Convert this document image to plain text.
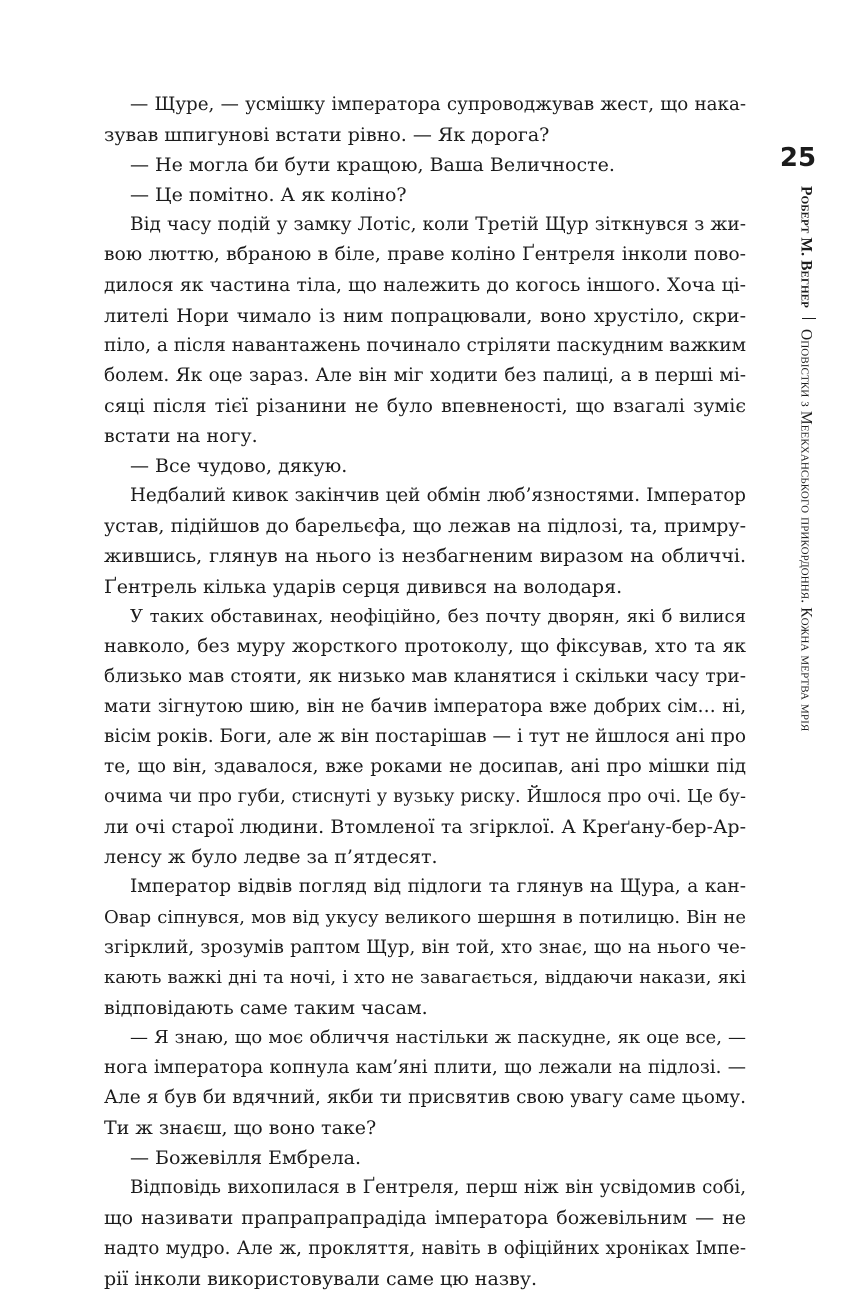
25
Роберт М. Вегнер  Оповістки з Меекханського прикордоння. Кожна мертва мрія
— Щуре, — усмішку імператора супроводжував жест, що нака-
зував шпигунові встати рівно. — Як дорога?
— Не могла би бути кращою, Ваша Величносте.
— Це помітно. А як коліно?
Від часу подій у замку Лотіс, коли Третій Щур зіткнувся з жи-
вою люттю, вбраною в біле, праве коліно Ґентреля інколи пово-
дилося як частина тіла, що належить до когось іншого. Хоча ці-
лителі Нори чимало із ним попрацювали, воно хрустіло, скри-
піло, а після навантажень починало стріляти паскудним важким
болем. Як оце зараз. Але він міг ходити без палиці, а в перші мі-
сяці після тієї різанини не було впевненості, що взагалі зуміє
встати на ногу.
— Все чудово, дякую.
Недбалий кивок закінчив цей обмін люб’язностями. Імператор
устав, підійшов до барельєфа, що лежав на підлозі, та, примру-
жившись, глянув на нього із незбагненим виразом на обличчі.
Ґентрель кілька ударів серця дивився на володаря.
У таких обставинах, неофіційно, без почту дворян, які б вилися
навколо, без муру жорсткого протоколу, що фіксував, хто та як
близько мав стояти, як низько мав кланятися і скільки часу три-
мати зігнутою шию, він не бачив імператора вже добрих сім… ні,
вісім років. Боги, але ж він постарішав — і тут не йшлося ані про
те, що він, здавалося, вже роками не досипав, ані про мішки під
очима чи про губи, стиснуті у вузьку риску. Йшлося про очі. Це бу-
ли очі старої людини. Втомленої та згірклої. А Креґану-бер-Ар-
ленсу ж було ледве за п’ятдесят.
Імператор відвів погляд від підлоги та глянув на Щура, а кан-
Овар сіпнувся, мов від укусу великого шершня в потилицю. Він не
згірклий, зрозумів раптом Щур, він той, хто знає, що на нього че-
кають важкі дні та ночі, і хто не завагається, віддаючи накази, які
відповідають саме таким часам.
— Я знаю, що моє обличчя настільки ж паскудне, як оце все, —
нога імператора копнула кам’яні плити, що лежали на підлозі. —
Але я був би вдячний, якби ти присвятив свою увагу саме цьому.
Ти ж знаєш, що воно таке?
— Божевілля Ембрела.
Відповідь вихопилася в Ґентреля, перш ніж він усвідомив собі,
що називати прапрапрапрадіда імператора божевільним — не
надто мудро. Але ж, прокляття, навіть в офіційних хроніках Імпе-
рії інколи використовували саме цю назву.
